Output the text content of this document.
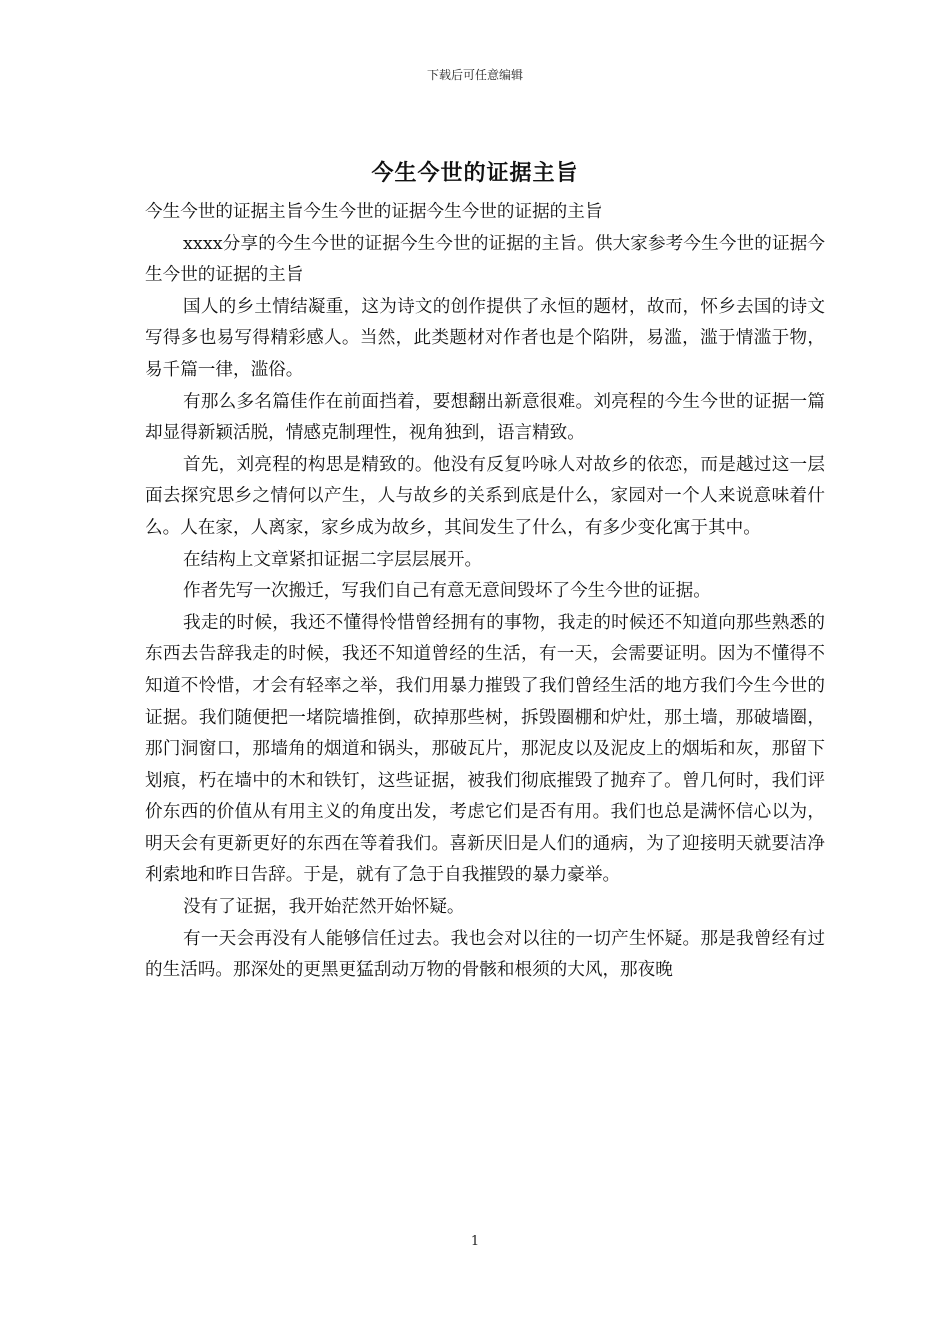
下载后可任意编辑
今生今世的证据主旨

今生今世的证据主旨今生今世的证据今生今世的证据的主旨

xxxx分享的今生今世的证据今生今世的证据的主旨。供大家参考今生今世的证据今生今世的证据的主旨

国人的乡土情结凝重，这为诗文的创作提供了永恒的题材，故而，怀乡去国的诗文写得多也易写得精彩感人。当然，此类题材对作者也是个陷阱，易滥，滥于情滥于物，易千篇一律，滥俗。

有那么多名篇佳作在前面挡着，要想翻出新意很难。刘亮程的今生今世的证据一篇却显得新颖活脱，情感克制理性，视角独到，语言精致。

首先，刘亮程的构思是精致的。他没有反复吟咏人对故乡的依恋，而是越过这一层面去探究思乡之情何以产生，人与故乡的关系到底是什么，家园对一个人来说意味着什么。人在家，人离家，家乡成为故乡，其间发生了什么，有多少变化寓于其中。

在结构上文章紧扣证据二字层层展开。

作者先写一次搬迁，写我们自己有意无意间毁坏了今生今世的证据。

我走的时候，我还不懂得怜惜曾经拥有的事物，我走的时候还不知道向那些熟悉的东西去告辞我走的时候，我还不知道曾经的生活，有一天，会需要证明。因为不懂得不知道不怜惜，才会有轻率之举，我们用暴力摧毁了我们曾经生活的地方我们今生今世的证据。我们随便把一堵院墙推倒，砍掉那些树，拆毁圈棚和炉灶，那土墙，那破墙圈，那门洞窗口，那墙角的烟道和锅头，那破瓦片，那泥皮以及泥皮上的烟垢和灰，那留下划痕，朽在墙中的木和铁钉，这些证据，被我们彻底摧毁了抛弃了。曾几何时，我们评价东西的价值从有用主义的角度出发，考虑它们是否有用。我们也总是满怀信心以为，明天会有更新更好的东西在等着我们。喜新厌旧是人们的通病，为了迎接明天就要洁净利索地和昨日告辞。于是，就有了急于自我摧毁的暴力豪举。

没有了证据，我开始茫然开始怀疑。

有一天会再没有人能够信任过去。我也会对以往的一切产生怀疑。那是我曾经有过的生活吗。那深处的更黑更猛刮动万物的骨骸和根须的大风，那夜晚

1
